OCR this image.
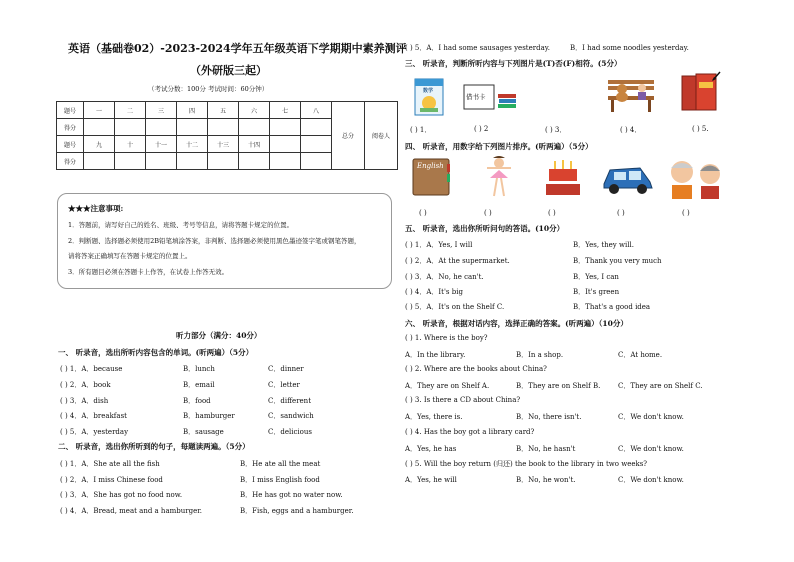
英语（基础卷02）-2023-2024学年五年级英语下学期期中素养测评
（外研版三起）
（考试分数：100分 考试时间：60分钟）
题号	一	二	三	四	五	六	七	八	总分	阅卷人
得分										
题号	九	十	十一	十二	十三	十四				
得分										
★★★注意事项:
1．答题前，请写好自己的姓名、班级、考号等信息，请将答题卡规定的位置。
2．判断题、选择题必须使用2B铅笔填涂答案，非判断、选择题必须使用黑色墨迹签字笔或钢笔答题，
请将答案正确填写在答题卡规定的位置上。
3．所有题目必须在答题卡上作答，在试卷上作答无效。
听力部分（满分：40分）
一、 听录音，选出所听内容包含的单词。(听两遍）（5分）
( ) 1．A．because	B．lunch	C．dinner
( ) 2．A．book	B．email	C．letter
( ) 3．A．dish	B．food	C．different
( ) 4．A．breakfast	B．hamburger	C．sandwich
( ) 5．A．yesterday	B．sausage	C．delicious
二、 听录音，选出你所听到的句子，每题读两遍。（5分）
( ) 1．A．She ate all the fish	B．He ate all the meat
( ) 2．A．I miss Chinese food	B．I miss English food
( ) 3．A．She has got no food now.	B．He has got no water now.
( ) 4．A．Bread, meat and a hamburger.	B．Fish, eggs and a hamburger.
( ) 5．A．I had some sausages yesterday.	B．I had some noodles yesterday.
三、 听录音，判断所听内容与下列图片是(T)否(F)相符。(5分）
数学
借书卡
( ) 1．	( ) 2	( ) 3．	( ) 4．	( ) 5.
四、 听录音，用数字给下列图片排序。(听两遍）（5分）
English
( )	( )	( )	( )	( )
五、 听录音，选出你所听问句的答语。(10分）
( ) 1．A．Yes, I will	B．Yes, they will.
( ) 2．A．At the supermarket.	B．Thank you very much
( ) 3．A．No, he can't.	B．Yes, I can
( ) 4．A．It's big	B．It's green
( ) 5．A．It's on the Shelf C.	B．That's a good idea
六、 听录音，根据对话内容，选择正确的答案。(听两遍）（10分）
( ) 1. Where is the boy?
A．In the library.	B．In a shop.	C．At home.
( ) 2. Where are the books about China?
A．They are on Shelf A.	B．They are on Shelf B.	C．They are on Shelf C.
( ) 3. Is there a CD about China?
A．Yes, there is.	B．No, there isn't.	C．We don't know.
( ) 4. Has the boy got a library card?
A．Yes, he has	B．No, he hasn't	C．We don't know.
( ) 5. Will the boy return (归还) the book to the library in two weeks?
A．Yes, he will	B．No, he won't.	C．We don't know.
